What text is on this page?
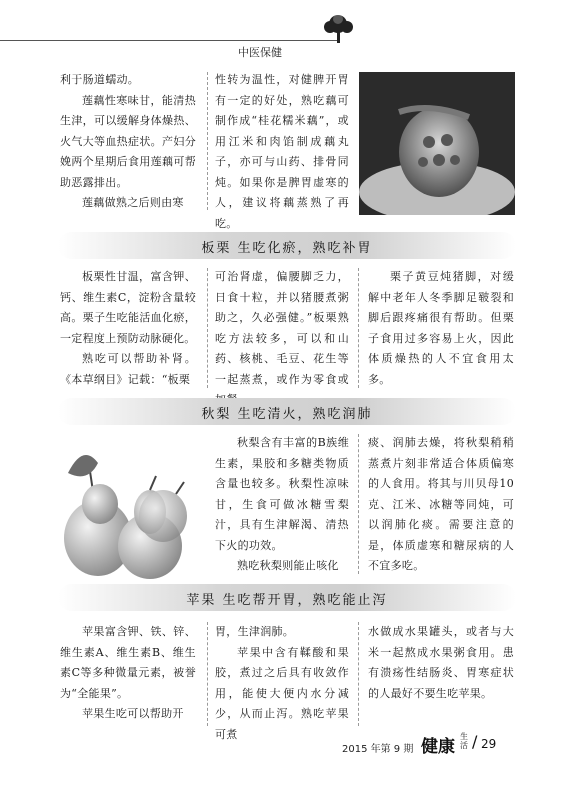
中医保健

利于肠道蠕动。

莲藕性寒味甘，能清热生津，可以缓解身体燥热、火气大等血热症状。产妇分娩两个星期后食用莲藕可帮助恶露排出。

莲藕做熟之后则由寒

性转为温性，对健脾开胃有一定的好处，熟吃藕可制作成“桂花糯米藕”，或用江米和肉馅制成藕丸子，亦可与山药、排骨同炖。如果你是脾胃虚寒的人，建议将藕蒸熟了再吃。

板栗 生吃化瘀，熟吃补胃

板栗性甘温，富含钾、钙、维生素C，淀粉含量较高。栗子生吃能活血化瘀，一定程度上预防动脉硬化。

熟吃可以帮助补肾。《本草纲目》记载：“板栗

可治肾虚，偏腰脚乏力，日食十粒，并以猪腰煮粥助之，久必强健。”板栗熟吃方法较多，可以和山药、核桃、毛豆、花生等一起蒸煮，或作为零食或

栗子黄豆炖猪脚，对缓解中老年人冬季脚足皲裂和脚后跟疼痛很有帮助。但栗子食用过多容易上火，因此体质燥热的人不宜食用太多。

秋梨 生吃清火，熟吃润肺

秋梨含有丰富的B族维生素，果胶和多糖类物质含量也较多。秋梨性凉味甘，生食可做冰糖雪梨汁，具有生津解渴、清热下火的功效。

熟吃秋梨则能止咳化

痰、润肺去燥，将秋梨稍稍蒸煮片刻非常适合体质偏寒的人食用。将其与川贝母10克、江米、冰糖等同炖，可以润肺化痰。需要注意的是，体质虚寒和糖尿病的人不宜多吃。

苹果 生吃帮开胃，熟吃能止泻

苹果富含钾、铁、锌、维生素A、维生素B、维生素C等多种微量元素，被誉为“全能果”。

苹果生吃可以帮助开

胃，生津润肺。

苹果中含有鞣酸和果胶，煮过之后具有收敛作用，能使大便内水分减少，从而止泻。熟吃苹果可煮

水做成水果罐头，或者与大米一起熬成水果粥食用。患有溃疡性结肠炎、胃寒症状的人最好不要生吃苹果。

2015 年第 9 期 健康
生活 / 29
